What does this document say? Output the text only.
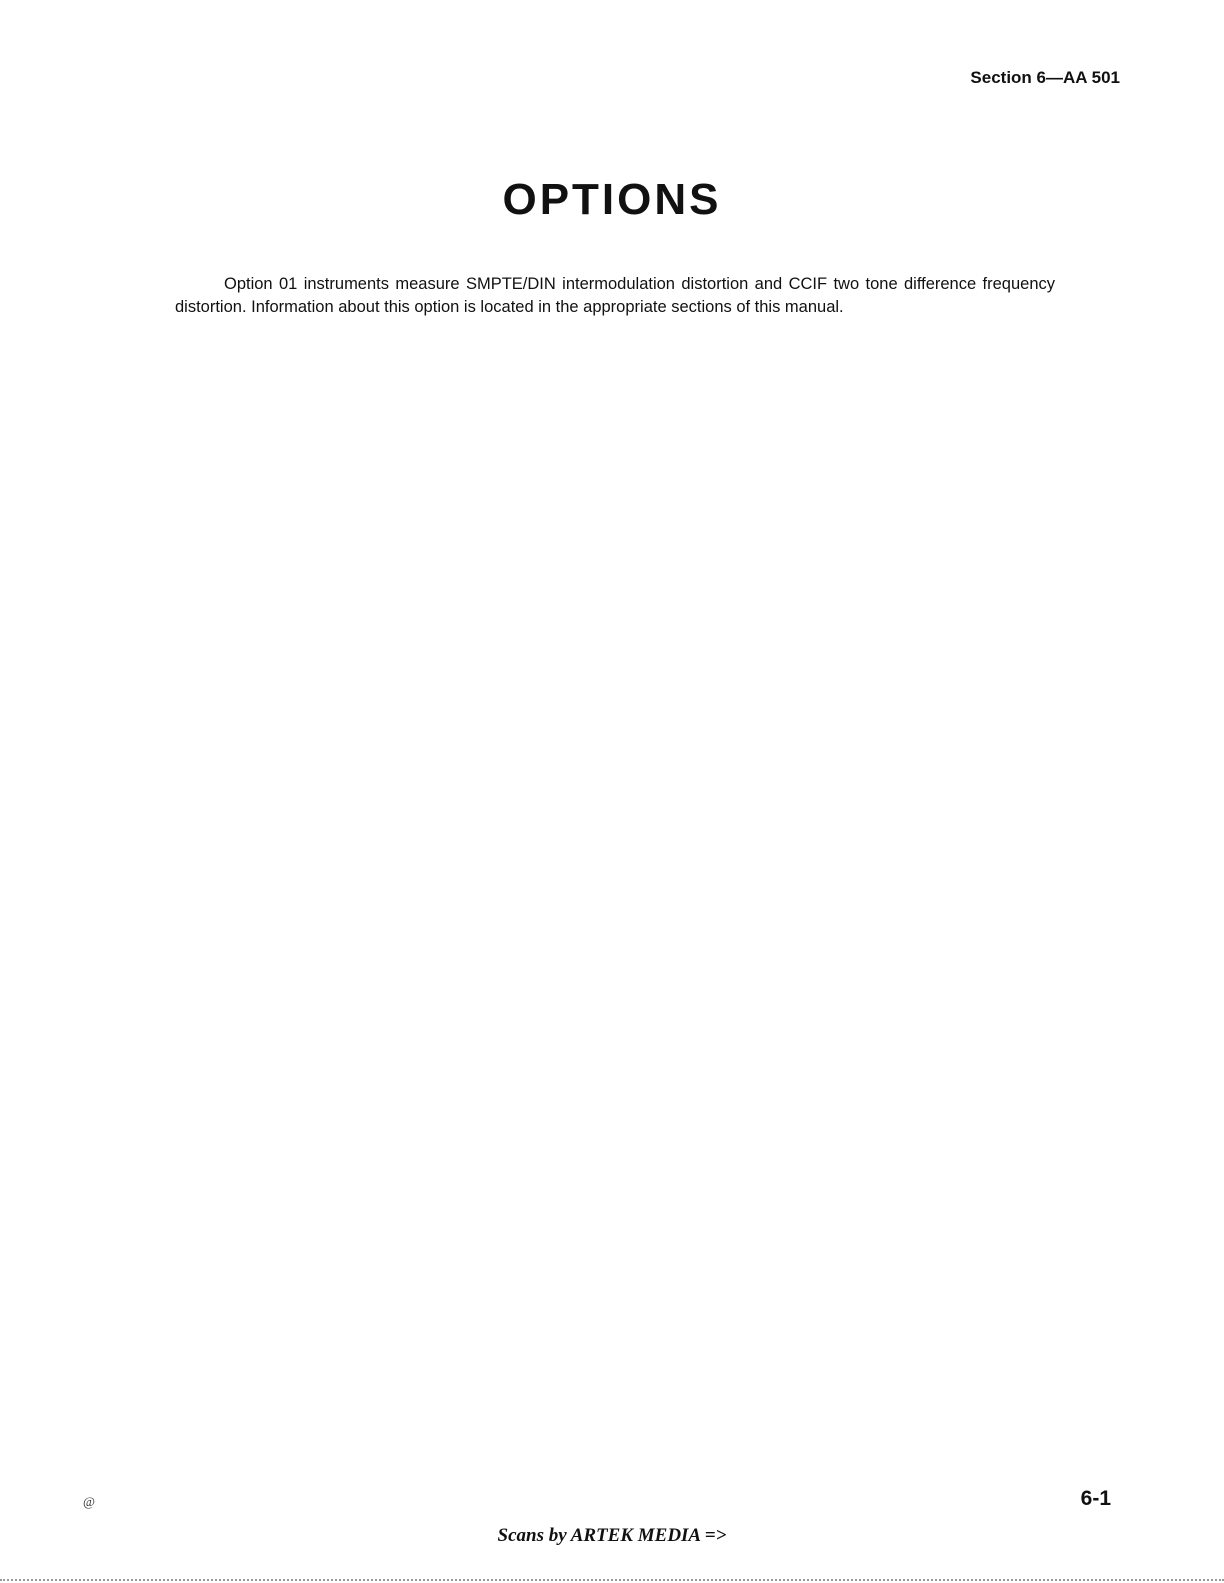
Section 6—AA 501
OPTIONS

Option 01 instruments measure SMPTE/DIN intermodulation distortion and CCIF two tone difference frequency distortion. Information about this option is located in the appropriate sections of this manual.

@	6-1
Scans by ARTEK MEDIA =>
